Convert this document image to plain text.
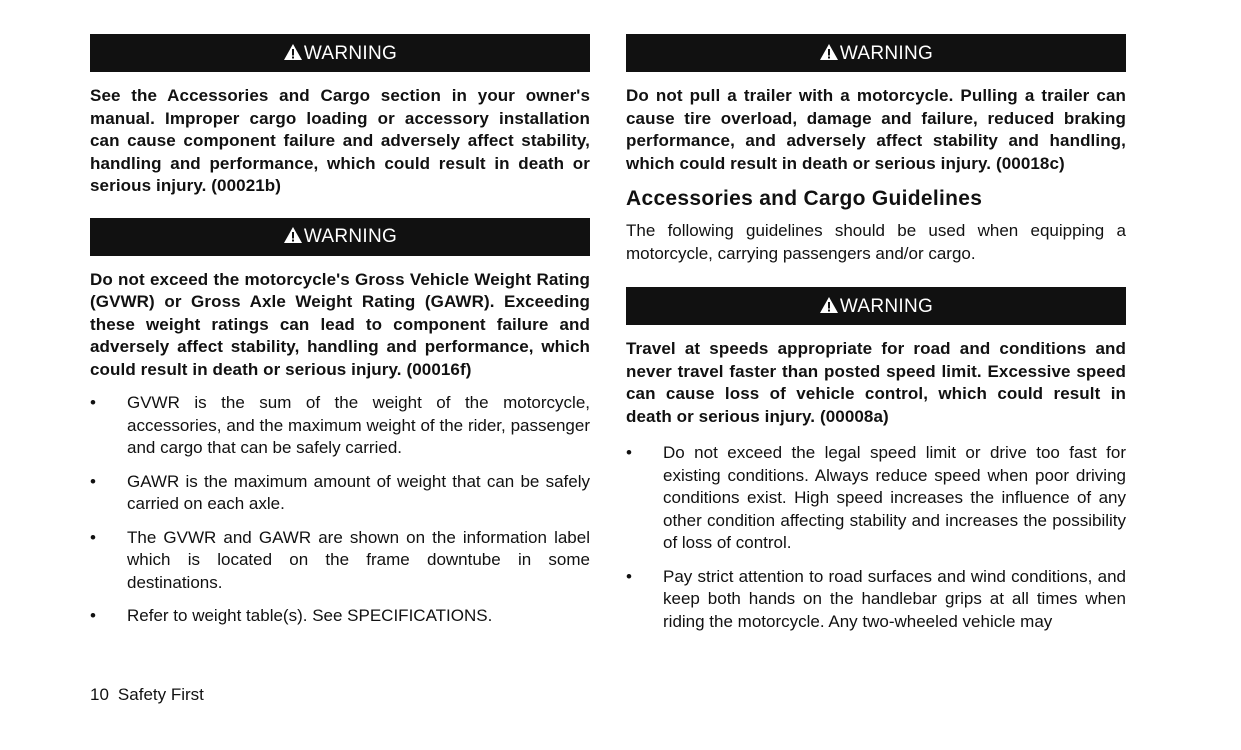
WARNING

See the Accessories and Cargo section in your owner's manual. Improper cargo loading or accessory installation can cause component failure and adversely affect stability, handling and performance, which could result in death or serious injury. (00021b)

WARNING

Do not exceed the motorcycle's Gross Vehicle Weight Rating (GVWR) or Gross Axle Weight Rating (GAWR). Exceeding these weight ratings can lead to component failure and adversely affect stability, handling and performance, which could result in death or serious injury. (00016f)

• GVWR is the sum of the weight of the motorcycle, accessories, and the maximum weight of the rider, passenger and cargo that can be safely carried.
• GAWR is the maximum amount of weight that can be safely carried on each axle.
• The GVWR and GAWR are shown on the information label which is located on the frame downtube in some destinations.
• Refer to weight table(s). See SPECIFICATIONS.
WARNING

Do not pull a trailer with a motorcycle. Pulling a trailer can cause tire overload, damage and failure, reduced braking performance, and adversely affect stability and handling, which could result in death or serious injury. (00018c)

Accessories and Cargo Guidelines

The following guidelines should be used when equipping a motorcycle, carrying passengers and/or cargo.

WARNING

Travel at speeds appropriate for road and conditions and never travel faster than posted speed limit. Excessive speed can cause loss of vehicle control, which could result in death or serious injury. (00008a)

• Do not exceed the legal speed limit or drive too fast for existing conditions. Always reduce speed when poor driving conditions exist. High speed increases the influence of any other condition affecting stability and increases the possibility of loss of control.
• Pay strict attention to road surfaces and wind conditions, and keep both hands on the handlebar grips at all times when riding the motorcycle. Any two-wheeled vehicle may
10 Safety First
